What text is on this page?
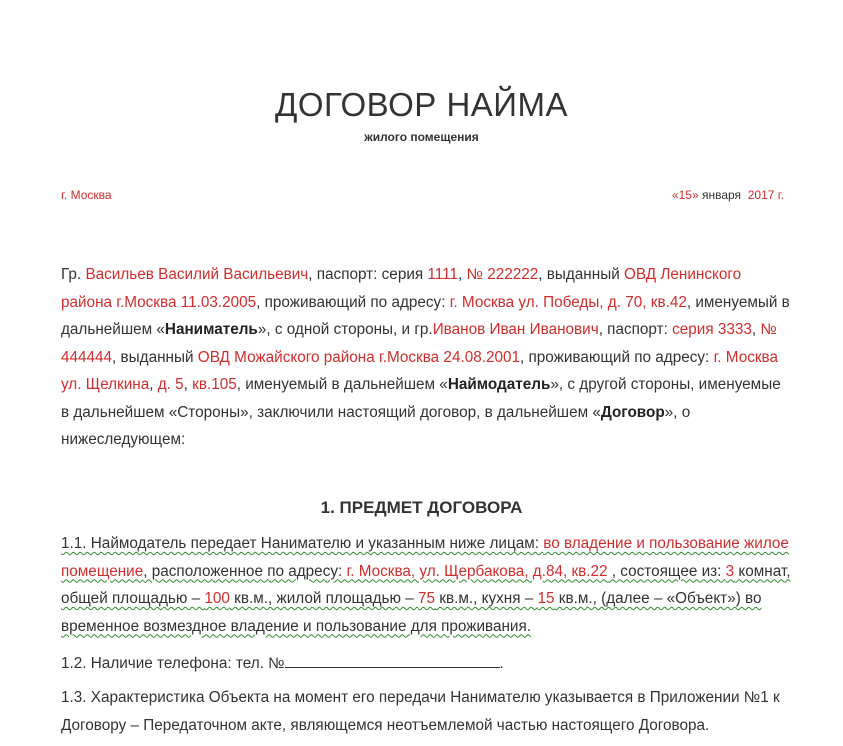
ДОГОВОР НАЙМА
жилого помещения
г. Москва	«15» января 2017 г.

Гр. Васильев Василий Васильевич, паспорт: серия 1111, № 222222, выданный ОВД Ленинского района г.Москва 11.03.2005, проживающий по адресу: г. Москва ул. Победы, д. 70, кв.42, именуемый в дальнейшем «Наниматель», с одной стороны, и гр.Иванов Иван Иванович, паспорт: серия 3333, № 444444, выданный ОВД Можайского района г.Москва 24.08.2001, проживающий по адресу: г. Москва ул. Щелкина, д. 5, кв.105, именуемый в дальнейшем «Наймодатель», с другой стороны, именуемые в дальнейшем «Стороны», заключили настоящий договор, в дальнейшем «Договор», о нижеследующем:

1. ПРЕДМЕТ ДОГОВОРА

1.1. Наймодатель передает Нанимателю и указанным ниже лицам: во владение и пользование жилое помещение, расположенное по адресу: г. Москва, ул. Щербакова, д.84, кв.22 , состоящее из: 3 комнат, общей площадью – 100 кв.м., жилой площадью – 75 кв.м., кухня – 15 кв.м., (далее – «Объект») во временное возмездное владение и пользование для проживания.

1.2. Наличие телефона: тел. №	.

1.3. Характеристика Объекта на момент его передачи Нанимателю указывается в Приложении №1 к Договору – Передаточном акте, являющемся неотъемлемой частью настоящего Договора.
